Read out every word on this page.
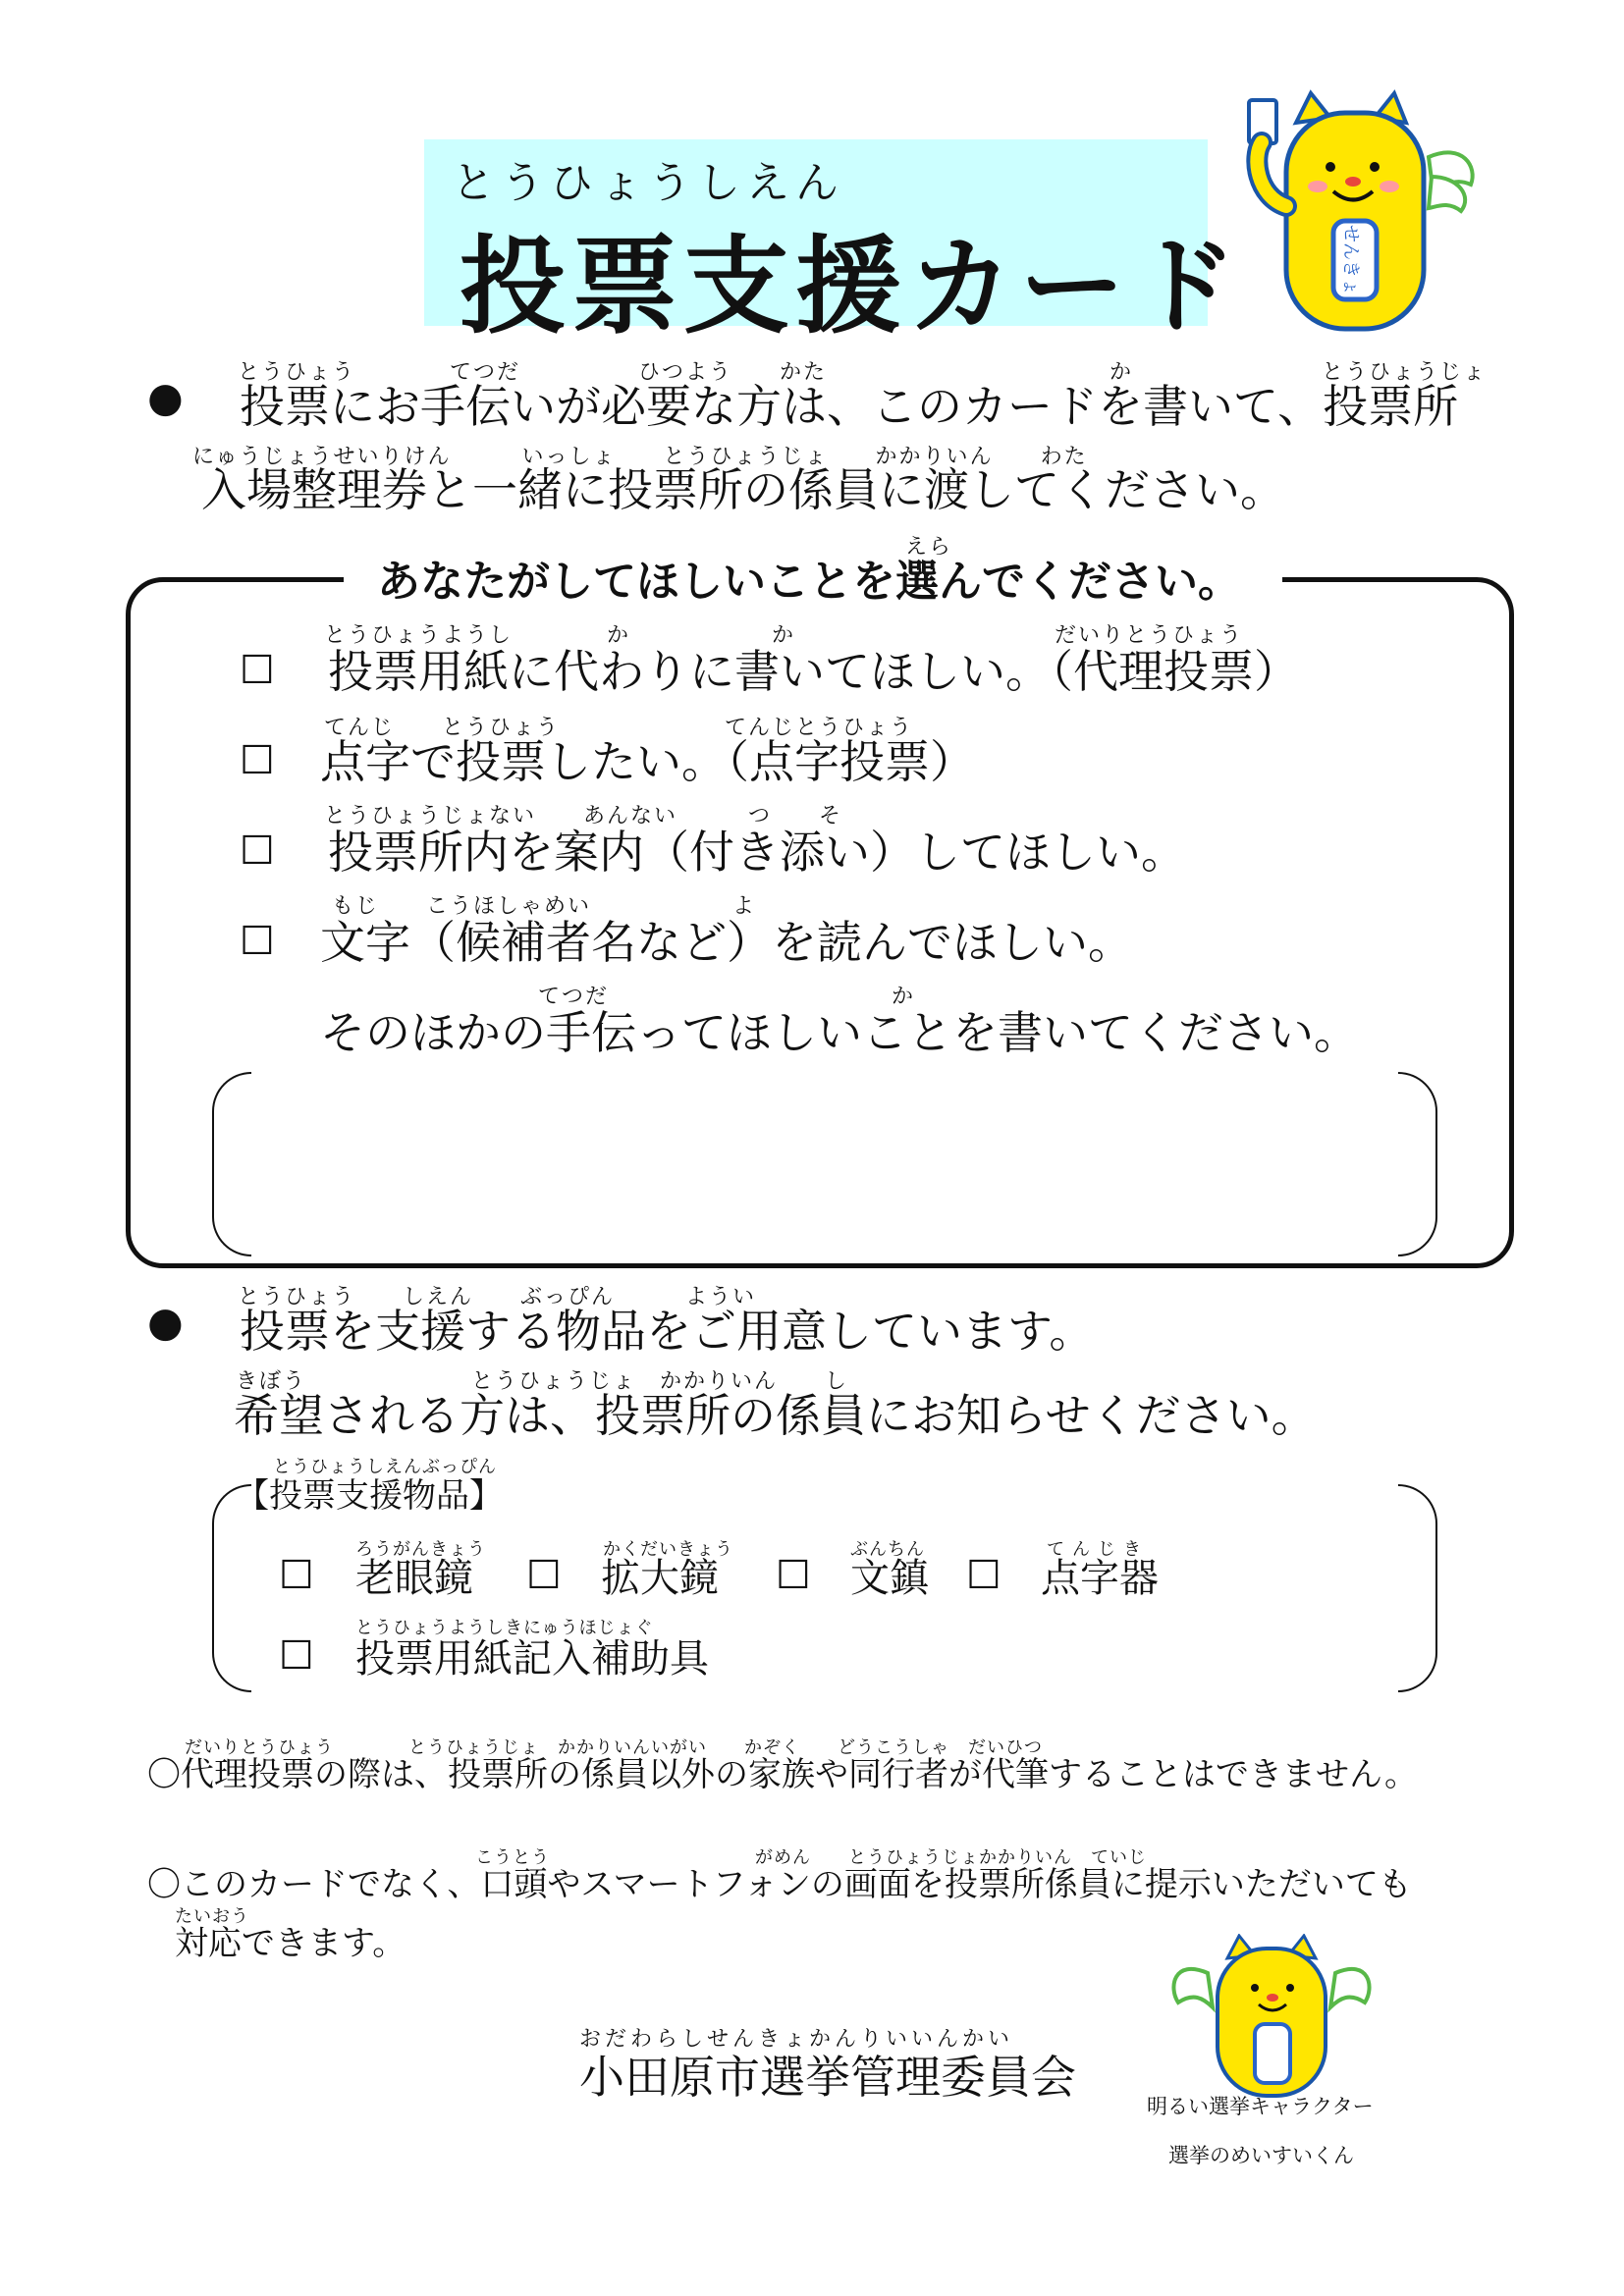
とうひょうしえん
投票支援カード	せんきょ
●
とうひょう　　　　てつだ　　　　　ひつよう　　かた　　　　　　　　　　　　か　　　　　　　　とうひょうじょ
投票にお手伝いが必要な方は、このカードを書いて、投票所
にゅうじょうせいりけん　　　いっしょ　　とうひょうじょ　　かかりいん　　わた
入場整理券と一緒に投票所の係員に渡してください。
えら
あなたがしてほしいことを選んでください。
☐
とうひょうようし　　　　か　　　　　　か　　　　　　　　　　　だいりとうひょう
投票用紙に代わりに書いてほしい。（代理投票）
☐
てんじ　　とうひょう　　　　　　　てんじとうひょう
点字で投票したい。（点字投票）
☐
とうひょうじょない　　あんない　　　つ　　そ
投票所内を案内（付き添い）してほしい。
☐
もじ　　こうほしゃめい　　　　　　よ
文字（候補者名など）を読んでほしい。
てつだ　　　　　　　　　　　　か
そのほかの手伝ってほしいことを書いてください。
●
とうひょう　　しえん　　ぶっぴん　　　ようい
投票を支援する物品をご用意しています。
きぼう　　　　　　　とうひょうじょ　かかりいん　　し
希望される方は、投票所の係員にお知らせください。
とうひょうしえんぶっぴん
【投票支援物品】
☐
ろうがんきょう
老眼鏡 ☐
かくだいきょう
拡大鏡 ☐
ぶんちん
文鎮 ☐
てんじき
点字器
☐
とうひょうようしきにゅうほじょぐ
投票用紙記入補助具
だいりとうひょう　　　　とうひょうじょ　かかりいんいがい　　かぞく　　どうこうしゃ　だいひつ
〇代理投票の際は、投票所の係員以外の家族や同行者が代筆することはできません。
こうとう　　　　　　　　　　　がめん　　とうひょうじょかかりいん　ていじ
〇このカードでなく、口頭やスマートフォンの画面を投票所係員に提示いただいても
たいおう
対応できます。
おだわらしせんきょかんりいいんかい
小田原市選挙管理委員会
明るい選挙キャラクター
選挙のめいすいくん
